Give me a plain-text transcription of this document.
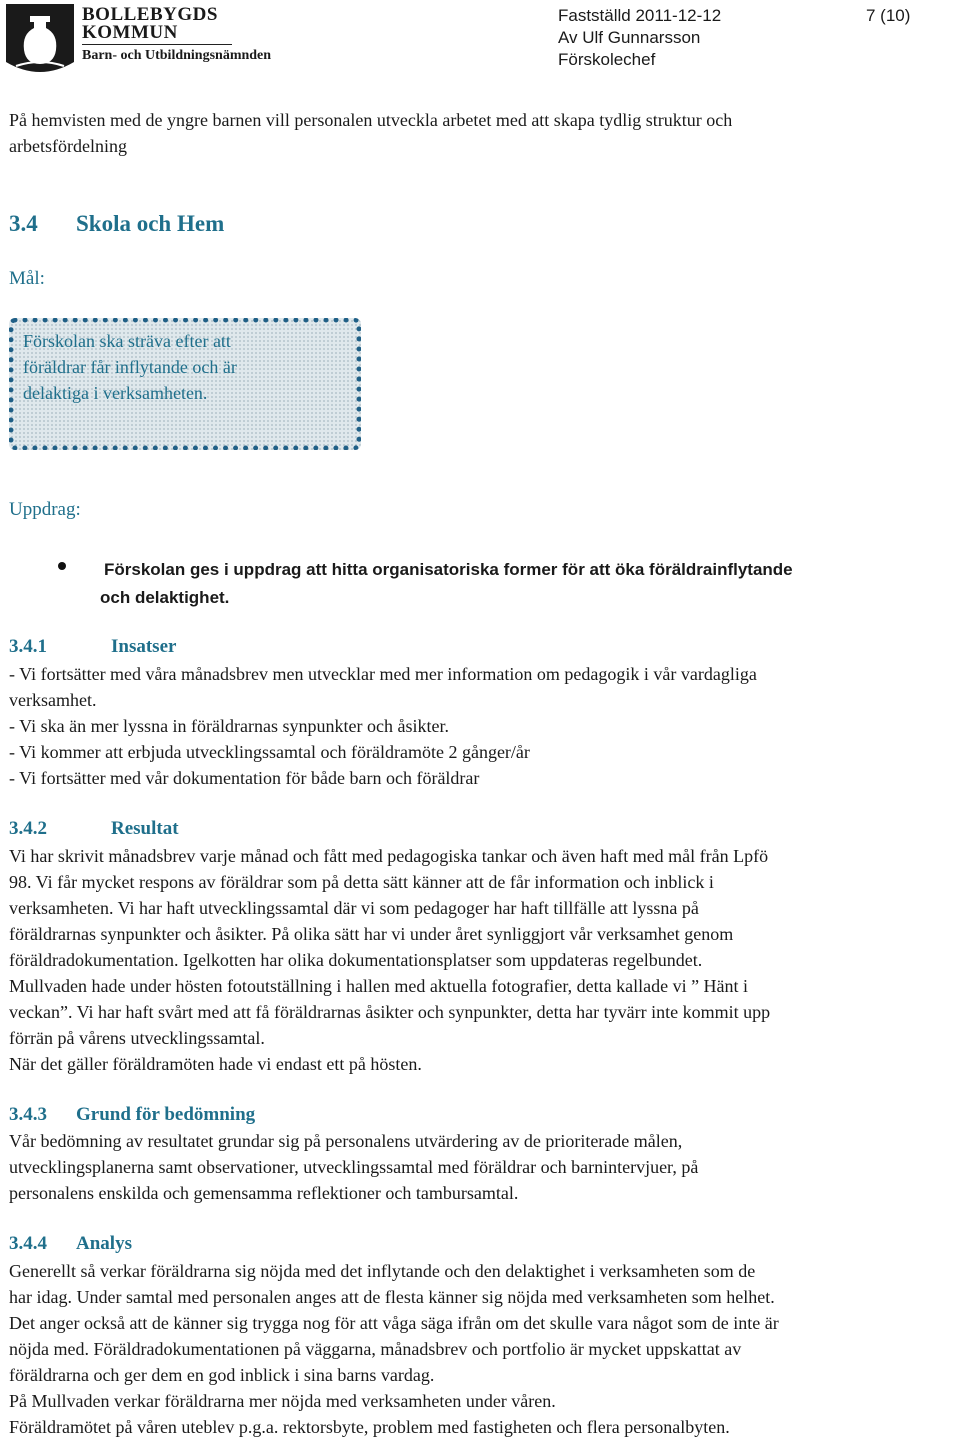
BOLLEBYGDS
KOMMUN
Barn- och Utbildningsnämnden
Fastställd 2011-12-12
Av Ulf Gunnarsson
Förskolechef
7 (10)
På hemvisten med de yngre barnen vill personalen utveckla arbetet med att skapa tydlig struktur och
arbetsfördelning
3.4 Skola och Hem
Mål:
Förskolan ska sträva efter att
föräldrar får inflytande och är
delaktiga i verksamheten.
Uppdrag:
Förskolan ges i uppdrag att hitta organisatoriska former för att öka föräldrainflytande
och delaktighet.
3.4.1	Insatser
- Vi fortsätter med våra månadsbrev men utvecklar med mer information om pedagogik i vår vardagliga
verksamhet.
- Vi ska än mer lyssna in föräldrarnas synpunkter och åsikter.
- Vi kommer att erbjuda utvecklingssamtal och föräldramöte 2 gånger/år
- Vi fortsätter med vår dokumentation för både barn och föräldrar
3.4.2	Resultat
Vi har skrivit månadsbrev varje månad och fått med pedagogiska tankar och även haft med mål från Lpfö
98. Vi får mycket respons av föräldrar som på detta sätt känner att de får information och inblick i
verksamheten. Vi har haft utvecklingssamtal där vi som pedagoger har haft tillfälle att lyssna på
föräldrarnas synpunkter och åsikter. På olika sätt har vi under året synliggjort vår verksamhet genom
föräldradokumentation. Igelkotten har olika dokumentationsplatser som uppdateras regelbundet.
Mullvaden hade under hösten fotoutställning i hallen med aktuella fotografier, detta kallade vi ” Hänt i
veckan”. Vi har haft svårt med att få föräldrarnas åsikter och synpunkter, detta har tyvärr inte kommit upp
förrän på vårens utvecklingssamtal.
När det gäller föräldramöten hade vi endast ett på hösten.
3.4.3 Grund för bedömning
Vår bedömning av resultatet grundar sig på personalens utvärdering av de prioriterade målen,
utvecklingsplanerna samt observationer, utvecklingssamtal med föräldrar och barnintervjuer, på
personalens enskilda och gemensamma reflektioner och tambursamtal.
3.4.4 Analys
Generellt så verkar föräldrarna sig nöjda med det inflytande och den delaktighet i verksamheten som de
har idag. Under samtal med personalen anges att de flesta känner sig nöjda med verksamheten som helhet.
Det anger också att de känner sig trygga nog för att våga säga ifrån om det skulle vara något som de inte är
nöjda med. Föräldradokumentationen på väggarna, månadsbrev och portfolio är mycket uppskattat av
föräldrarna och ger dem en god inblick i sina barns vardag.
På Mullvaden verkar föräldrarna mer nöjda med verksamheten under våren.
Föräldramötet på våren uteblev p.g.a. rektorsbyte, problem med fastigheten och flera personalbyten.
